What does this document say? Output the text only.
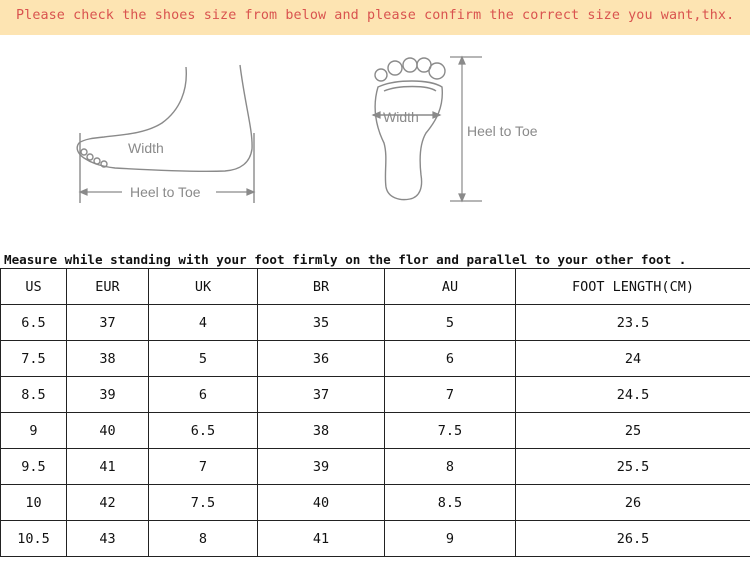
Please check the shoes size from below and please confirm the correct size you want,thx.
Width
Heel to Toe
Width
Heel to Toe
Measure while standing with your foot firmly on the flor and parallel to your other foot .
US	EUR	UK	BR	AU	FOOT LENGTH(CM)
6.5	37	4	35	5	23.5
7.5	38	5	36	6	24
8.5	39	6	37	7	24.5
9	40	6.5	38	7.5	25
9.5	41	7	39	8	25.5
10	42	7.5	40	8.5	26
10.5	43	8	41	9	26.5
